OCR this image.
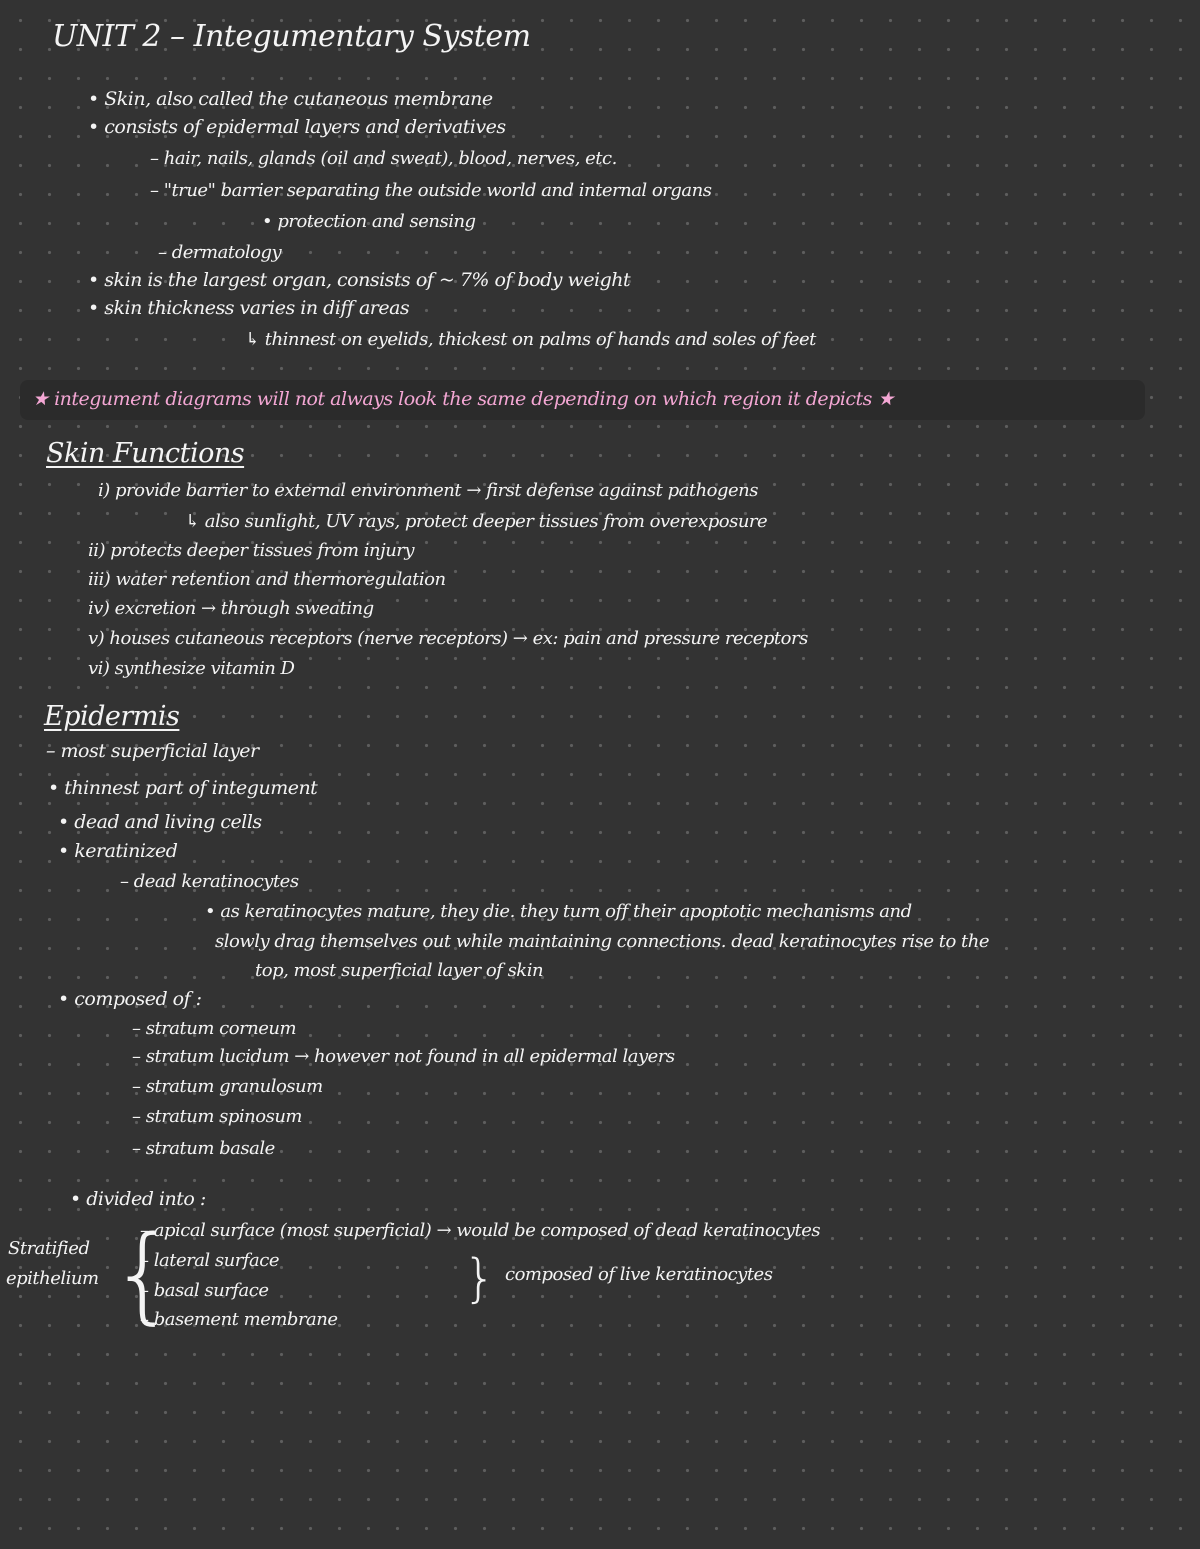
UNIT 2 – Integumentary System
• Skin, also called the cutaneous membrane
• consists of epidermal layers and derivatives
– hair, nails, glands (oil and sweat), blood, nerves, etc.
– "true" barrier separating the outside world and internal organs
• protection and sensing
– dermatology
• skin is the largest organ, consists of ~ 7% of body weight
• skin thickness varies in diff areas
↳ thinnest on eyelids, thickest on palms of hands and soles of feet
★ integument diagrams will not always look the same depending on which region it depicts ★
Skin Functions
i) provide barrier to external environment → first defense against pathogens
↳ also sunlight, UV rays, protect deeper tissues from overexposure
ii) protects deeper tissues from injury
iii) water retention and thermoregulation
iv) excretion → through sweating
v) houses cutaneous receptors (nerve receptors) → ex: pain and pressure receptors
vi) synthesize vitamin D
Epidermis
– most superficial layer
• thinnest part of integument
• dead and living cells
• keratinized
– dead keratinocytes
• as keratinocytes mature, they die. they turn off their apoptotic mechanisms and
slowly drag themselves out while maintaining connections. dead keratinocytes rise to the
top, most superficial layer of skin
• composed of :
– stratum corneum
– stratum lucidum → however not found in all epidermal layers
– stratum granulosum
– stratum spinosum
– stratum basale
• divided into :
– apical surface (most superficial) → would be composed of dead keratinocytes
– lateral surface
– basal surface
– basement membrane
Stratified
epithelium {	} composed of live keratinocytes
